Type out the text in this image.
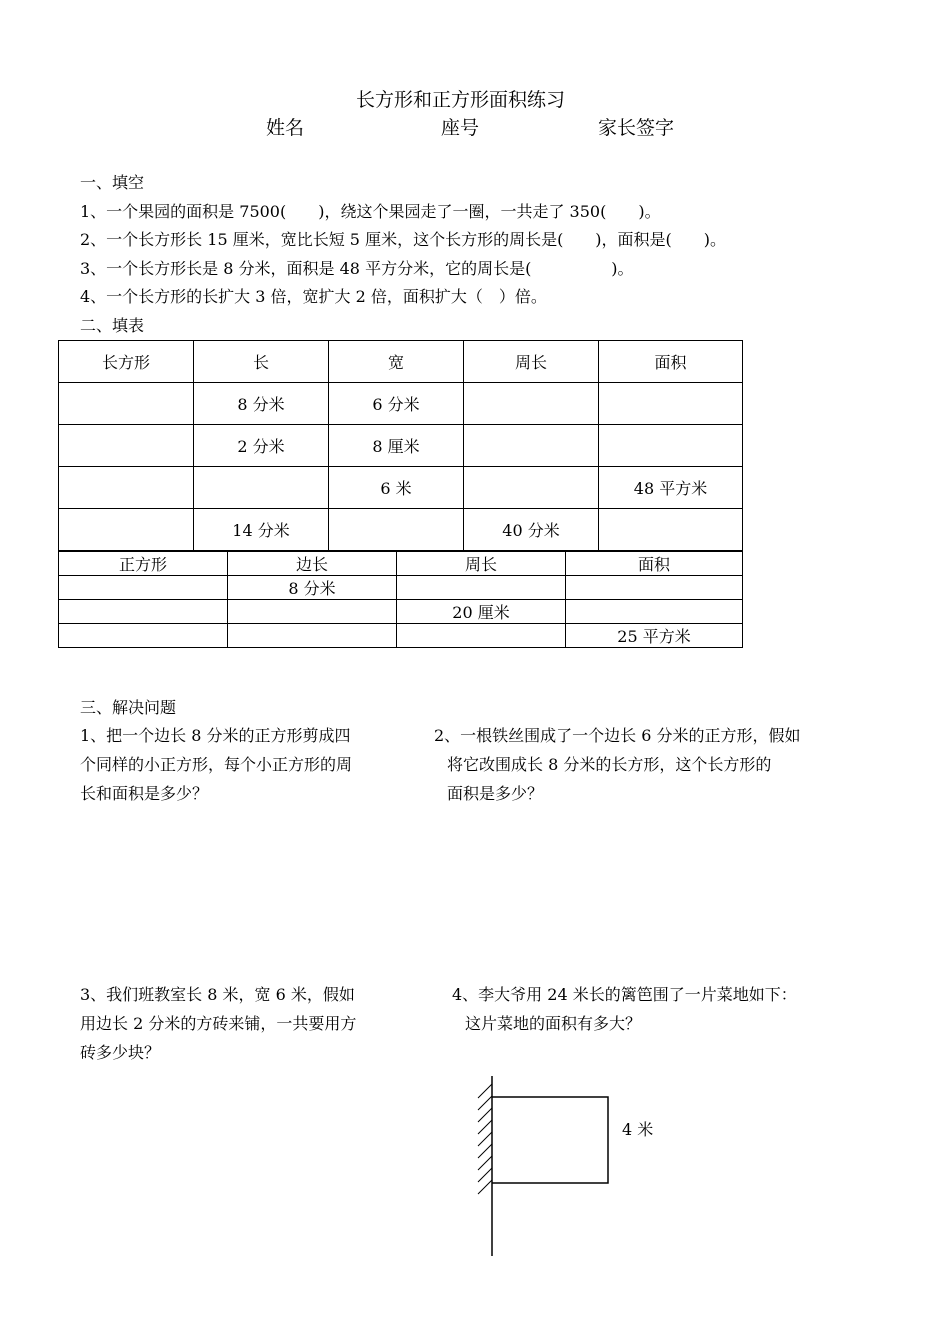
长方形和正方形面积练习
姓名	座号	家长签字
一、填空
1、一个果园的面积是 7500(　　)，绕这个果园走了一圈，一共走了 350(　　)。
2、一个长方形长 15 厘米，宽比长短 5 厘米，这个长方形的周长是(　　)，面积是(　　)。
3、一个长方形长是 8 分米，面积是 48 平方分米，它的周长是(　　　　　)。
4、一个长方形的长扩大 3 倍，宽扩大 2 倍，面积扩大（　）倍。
二、填表
长方形	长	宽	周长	面积
	8 分米	6 分米		
	2 分米	8 厘米		
		6 米		48 平方米
	14 分米		40 分米	
正方形	边长	周长	面积
	8 分米		
		20 厘米	
			25 平方米
三、解决问题
1、把一个边长 8 分米的正方形剪成四
个同样的小正方形，每个小正方形的周
长和面积是多少？
2、一根铁丝围成了一个边长 6 分米的正方形，假如
将它改围成长 8 分米的长方形，这个长方形的
面积是多少？
3、我们班教室长 8 米，宽 6 米，假如
用边长 2 分米的方砖来铺，一共要用方
砖多少块？
4、李大爷用 24 米长的篱笆围了一片菜地如下：
这片菜地的面积有多大？
4 米
